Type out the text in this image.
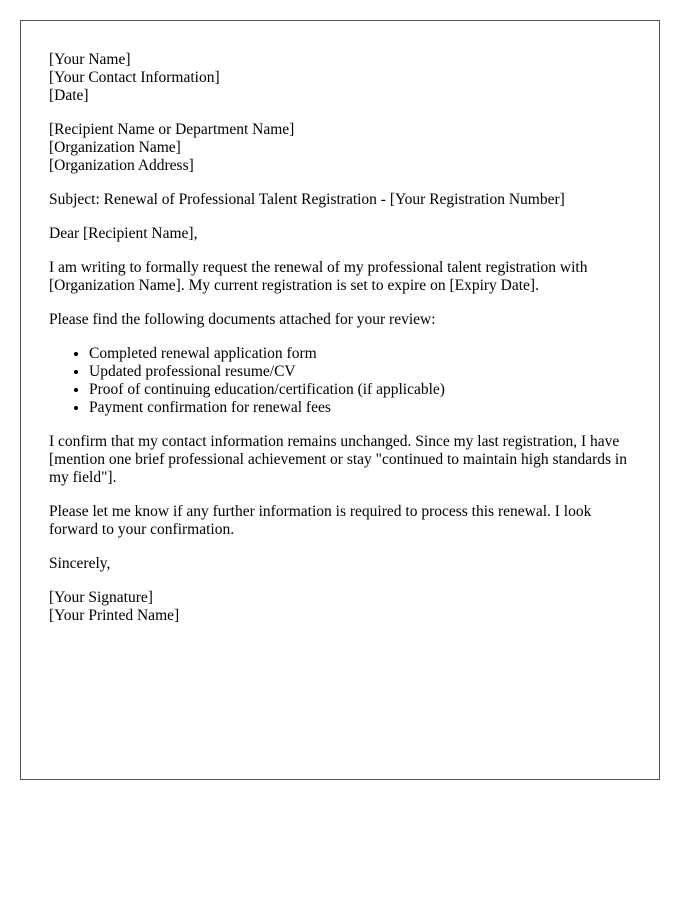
[Your Name]
[Your Contact Information]
[Date]
[Recipient Name or Department Name]
[Organization Name]
[Organization Address]

Subject: Renewal of Professional Talent Registration - [Your Registration Number]

Dear [Recipient Name],

I am writing to formally request the renewal of my professional talent registration with [Organization Name]. My current registration is set to expire on [Expiry Date].

Please find the following documents attached for your review:

• Completed renewal application form
• Updated professional resume/CV
• Proof of continuing education/certification (if applicable)
• Payment confirmation for renewal fees

I confirm that my contact information remains unchanged. Since my last registration, I have [mention one brief professional achievement or stay "continued to maintain high standards in my field"].

Please let me know if any further information is required to process this renewal. I look forward to your confirmation.

Sincerely,

[Your Signature]
[Your Printed Name]
